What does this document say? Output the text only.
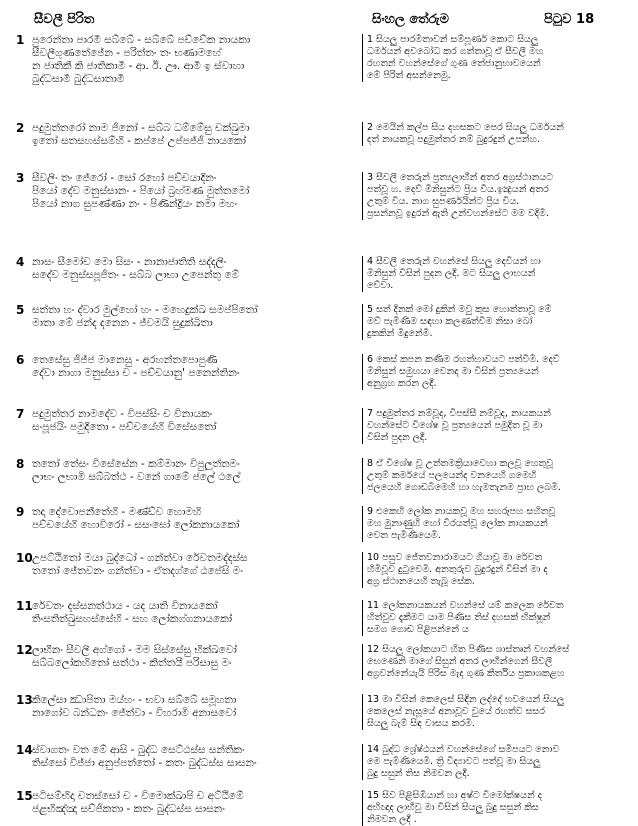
සීවලී පිරිත	සිංහල තේරුම	පිටුව 18
1 පුරෙන්තා පාරමී සබ්බේ - සබ්බේ පච්චේක නායකා
සීවලීගුණතේජේන - පරිත්තං තං භණාමහේ
න ජාතිකී කි ජාතිකාමී - ආ. ඊ. ඌ. ආමී ඉ ස්වාහා
බුද්ධසාමී බුද්ධසාතාමී
1 සියලු පාරමිතාවන් සම්පූර්ණ කොට සියලු
ධර්මයන් අවබෝධ කර ගත්තාවූ ඒ සීවලී මහ
රහතන් වහන්සේගේ ගුණ තේජානුභාවයෙන්
මේ පිරිත් අසන්නෙමු.
2 පදුමුත්තරෝ නාම ජිනෝ - සබ්බ ධම්මේසු චක්ඛුමා
ඉතෝ සතසහස්සම්හි - කප්පේ උප්පජ්ජි නායකෝ
2 මෙයින් කල්ප සිය දහසකට පෙර සියලු ධර්මයන්
දත් නායකවූ පදුමුත්තර නම් බුදුරදුන් උපන්හ.
3 සීවලිං තං ජේරෝ - සෝ රහෝ පච්චයාදිනං
පියෝ දේව මනුස්සානං - පියෝ බ්‍රහ්මණ මුත්තමෝ
පියෝ නාග සුපණ්ණා නං - පිණින්ද්‍රියං නමා මහං
3 සීවලී තෙරුන් ප්‍රත්‍යලාභීන් අතර අග්‍රස්ථානයට
පත්වූ හ. දෙව් මිනිසුන්ට ප්‍රිය විය.ඉන්‍ද්‍රයන් අතර
උතුම් විය. නාග සුපර්ණයින්ට ප්‍රිය විය.
ප්‍රසන්නවූ ඉදුරන් ඇති උන්වහන්සේට මම වදිමි.
4 නාසං සීමෝච මො සිසං - නානාජාතිති සද්දලිං
සදේව මනුස්සපූජිතං - සබ්බ ලාභා උපෙන්තු මේ
4 සීවලී තෙරුන් වහන්සේ සියලු දෙවියන් හා
මිනිසුන් විසින් පුදන ලදී. මට සියලු ලාභයන්
වේවා.
5 සත්තා හං ද්වාර මුල්හෝ හං - මහෙදුක්ඛ සමප්පිතෝ
මාතා මේ ජන්ද දනෙන - ජ්වමයි සුදුක්ඛිතා
5 සත් දිනක් මෝ දුකින් මවු කුස හොත්තාවූ මේ
මව් පැමිණීම සඳහා කලණත්වීම නිසා බෝ
දුකකින් මිදුනේමි.
6 තෙසේසු ජිජ්ජ මානෙසු - අරහන්තපොපුණි
දේවා නාගා මනුස්සා ච - පච්චයානු' පනෙන්තිනං
6 කෙස් කපන කණිම රහත්භාවයට පත්වීමි. දෙව්
මිනිසුන් සමුහයා වෙනද මා විසින් ප්‍රත්‍යයෙන්
අනුග්‍රහ කරන ලදී.
7 පදුමුත්තර නාමදේව - විපස්සිං ච විනායකං
සංපූජයිං පමුදිතො - පච්චයේහි විසේසතෝ
7 පදුමුත්තර නම්වූද, විපස්සී නම්වූද, නායකයන්
වහන්සේට විශේෂ වූ ප්‍රත්‍යයෙන් පමුදිත වූ මා
විසින් පුදන ලදී.
8 තතෝ තේසං විසේසේන - කම්මානං විපුලුත්තමං
ලාභං ලභාමි සබ්බත්ථ - වනේ ගාමේ ජලේ ථලේ
8 ඒ විශේෂ වූ උත්තමක්‍රියාවෙහා කලවූ හෙතුවූ
උතුම් කර්මයේ පලයෙන්ද වනයෙහි ගමෙහි
ජලයෙහි ගොඩබිමෙහි හා හැමතැනම ප්‍රාභ ලබමි.
9 තදා දේවොපනීතේහි - මණ්ඩ්ව හොමහි
පච්චයේහි හොවිරෝ - සසංඝෝ ලෝකනායකෝ
9 එකෙහි ලෝක නායකවූ මහ සහරූපහ සහිතවූ
මහ මුනාණුහි හෝ විරයත්වූ ලෝක නායකයන්
වෙත පැමිණියෙමි.
10උපට්ඨිතෝ මයා බුද්ධෝ - ගන්ත්වා රේවතමද්දස්ස
තතෝ ජේතවනං ගන්ත්වා - ඒතදග්ගේ ඨපේසි මං
10 පසුව ජේතවනාරාමයට ගියාවූ මා රේවත
හිමිවූව දුටුවෙමි. අනතුරුව බුදුරදුන් විසින් මා ද
අග්‍ර ස්ථානයෙහි තැබූ සේක.
11රේවතං දස්සනත්ථාය - යද යාති විනායකෝ
තිංසතිත්ඛුසහස්සේහි - සහ ලෝකග්ගනායකෝ
11 ලෝකනායකයන් වහන්සේ යම් කලෙක රේවත
හිත්වුව දැකීමට යාම පිණිස තිස් දහසක් භික්ෂූන්
සමග ගොඩ පිළිපන්නේ ය
12ලාභීනං සීවලී අග්ගෝ - මම සිස්සේසු භික්ඛවෝ
සබ්බලෝකහිතෝ සත්ථා - කිත්තයී පරිසාසු මං
12 සියලු ලෝකයාට හිත පිණිස ශාස්තෘන් වහන්සේ
භෙණෙනි මාගේ සිසුන් අතර ලාභීන්ගෙන් සීවලී
අග්‍රවන්නේයැයි පිරිස මැද ගුණ කීර්තිය ප්‍රකාශකළහ
13කිලේසා ඣාපිතා මය්හං - භවා සබ්බේ සමූහතා
නාගෝව බන්ධනං ජේත්වා - විහරාමි අනාසවෝ
13 මා විසින් කෙලෙස් සිඳින ලද්දේ භවයෙන් සියලු
කෙලෙස් නැසූයේ අනාවූව වුයේ රහත්ව සසර
සියලු බැම් සිඳ වාසය කරමි.
14ස්වාගතං වත මේ ආසි - බුද්ධ සෙට්ඨස්ස සන්තිකං
තිස්සෝ විජ්ජා අනුප්පත්තෝ - කතං බුද්ධස්ස සාසනං
14 බුද්ධ ශ්‍රේෂ්ඨයන් වහන්සේගේ සමීපයට නොව
මෙ පැමිණියෙමි. ත්‍රි විද්‍යාවට පත්වූ මා සියලු
බුදු සසුන් තිස නිමවන ලදී.
15පටිසම්භිදා චතස්සෝ ච - විමොක්ඛාපි ච අට්ඨිමේ
ජළභිඤ්ඤා සච්ජිකතා - කතං බුද්ධස්ස සාසනං
15 සිව පිළිසිඹියාන් හා අෂ්ට විමෝක්ෂයන් ද
අභිඥාද ලාභීවු මා විසින් සියලු බුදු සසුන් කිස
නිමවන ලදී .
